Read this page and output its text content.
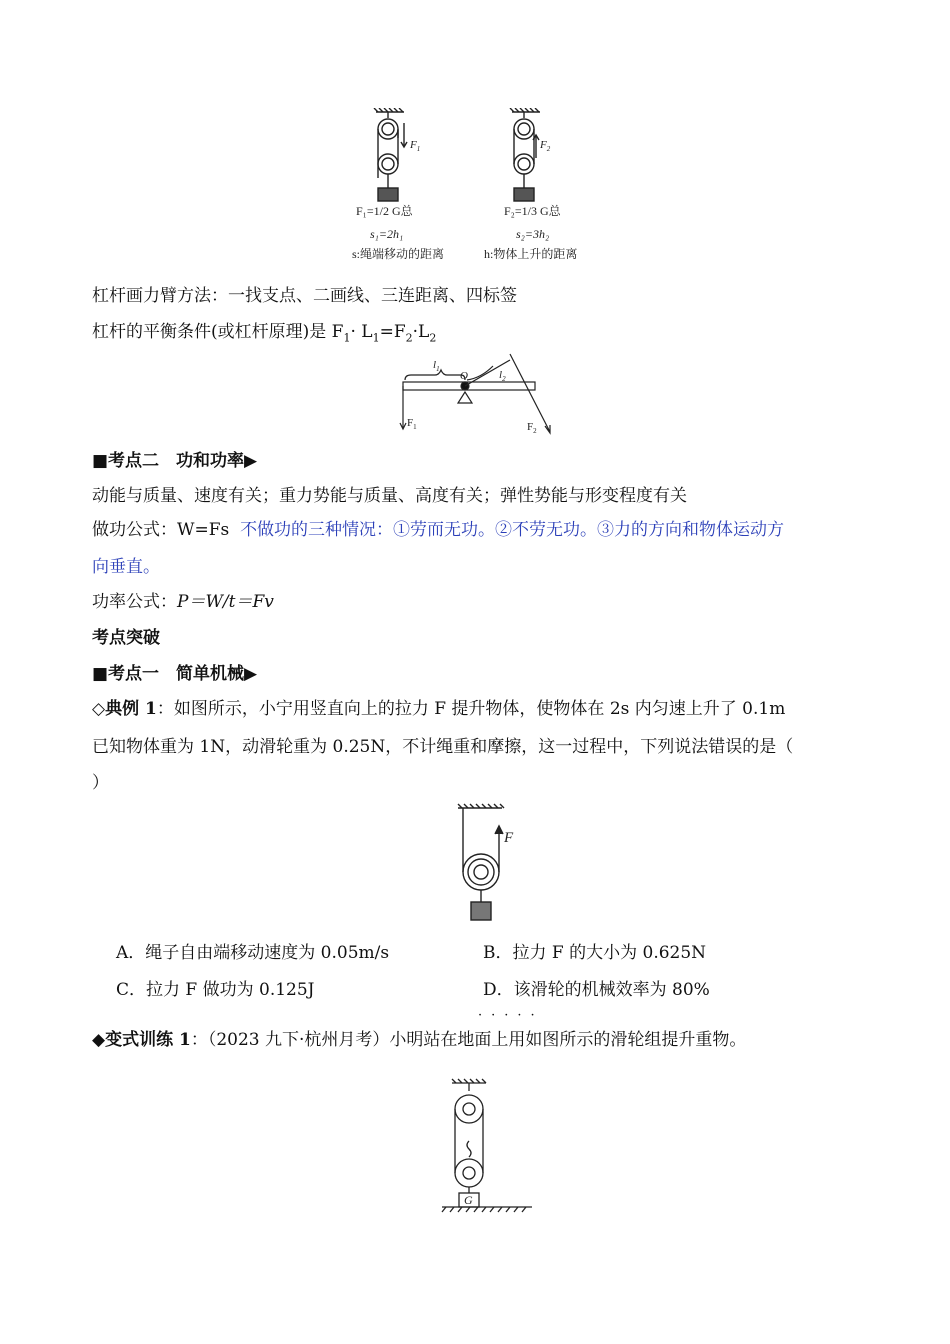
$F_1$	$F_2$
F₁=1/2 G总	F₂=1/3 G总
s₁=2h₁	s₂=3h₂
s:绳端移动的距离	h:物体上升的距离
杠杆画力臂方法：一找支点、二画线、三连距离、四标签
杠杆的平衡条件(或杠杆原理)是 $F_1\cdot L_1=F_2\cdot L_2$
$l_1$
O	$l_2$
$F_1$	$F_2$
■考点二　功和功率▶
动能与质量、速度有关；重力势能与质量、高度有关；弹性势能与形变程度有关
做功公式：W=Fs 不做功的三种情况：①劳而无功。②不劳无功。③力的方向和物体运动方
向垂直。
功率公式：P＝W/t＝Fv
考点突破
■考点一　简单机械▶
◇典例 1：如图所示，小宁用竖直向上的拉力 F 提升物体，使物体在 2s 内匀速上升了 0.1m
已知物体重为 1N，动滑轮重为 0.25N，不计绳重和摩擦，这一过程中，下列说法错误的是（
）
F
A．绳子自由端移动速度为 0.05m/s	B．拉力 F 的大小为 0.625N
C．拉力 F 做功为 0.125J	D．该滑轮的机械效率为 80%
·····
◆变式训练 1：（2023 九下·杭州月考）小明站在地面上用如图所示的滑轮组提升重物。
G
